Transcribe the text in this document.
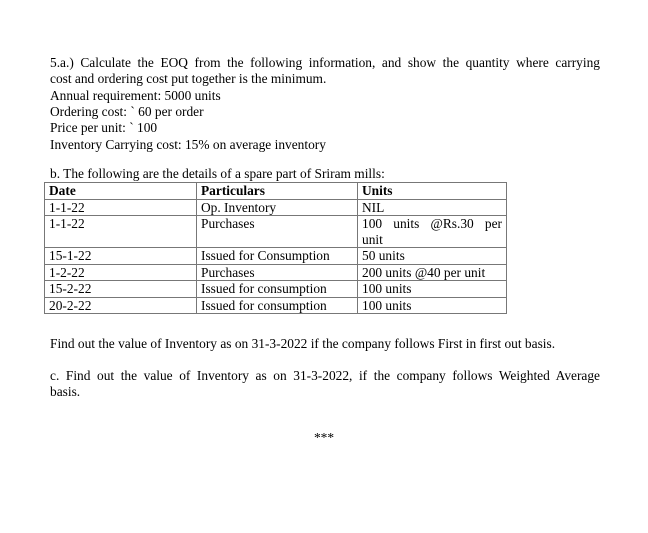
5.a.) Calculate the EOQ from the following information, and show the quantity where carrying
cost and ordering cost put together is the minimum.
Annual requirement: 5000 units
Ordering cost: ` 60 per order
Price per unit: ` 100
Inventory Carrying cost: 15% on average inventory
b. The following are the details of a spare part of Sriram mills:
Date	Particulars	Units
1-1-22	Op. Inventory	NIL
1-1-22	Purchases	100 units @Rs.30 per
unit

15-1-22	Issued for Consumption	50 units
1-2-22	Purchases	200 units @40 per unit
15-2-22	Issued for consumption	100 units
20-2-22	Issued for consumption	100 units
Find out the value of Inventory as on 31-3-2022 if the company follows First in first out basis.
c. Find out the value of Inventory as on 31-3-2022, if the company follows Weighted Average
basis.
***
